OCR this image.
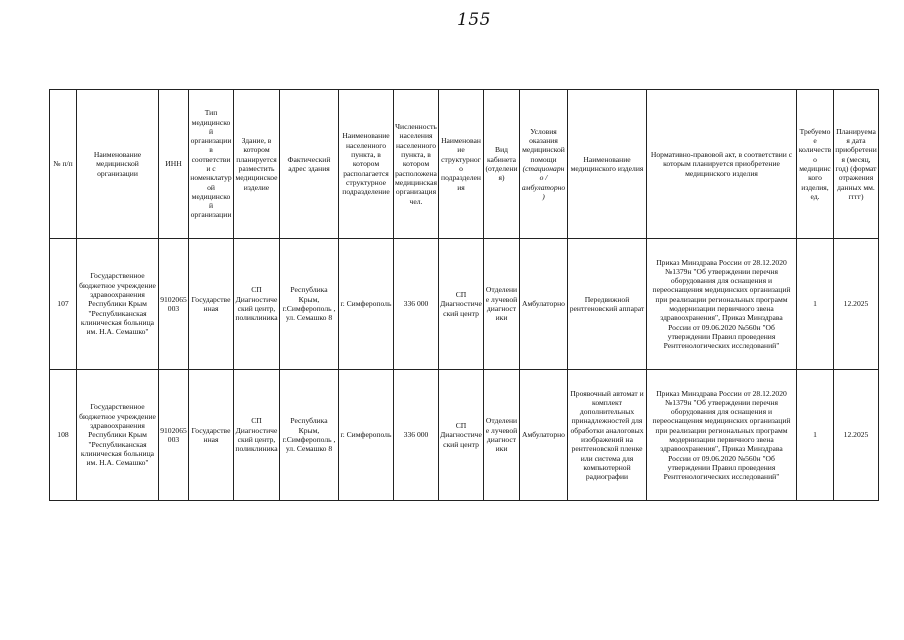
155
№ п/п	Наименование медицинской организации	ИНН	Тип медицинской организации в соответствии с номенклатурой медицинской организации	Здание, в котором планируется разместить медицинское изделие	Фактический адрес здания	Наименование населенного пункта, в котором располагается структурное подразделение	Численность населения населенного пункта, в котором расположена медицинская организация чел.	Наименование структурного подразделения	Вид кабинета (отделения)	Условия оказания медицинской помощи (стационарно / амбулаторно)	Наименование медицинского изделия	Нормативно-правовой акт, в соответствии с которым планируется приобретение медицинского изделия	Требуемое количество медицинского изделия, ед.	Планируемая дата приобретения (месяц, год) (формат отражения данных мм. гггг)
107	Государственное бюджетное учреждение здравоохранения Республики Крым "Республиканская клиническая больница им. Н.А. Семашко"	9102065003	Государственная	СП Диагностический центр, поликлиника	Республика Крым, г.Симферополь , ул. Семашко 8	г. Симферополь	336 000	СП Диагностический центр	Отделение лучевой диагностики	Амбулаторно	Передвижной рентгеновский аппарат	Приказ Минздрава России от 28.12.2020 №1379н "Об утверждении перечня оборудования для оснащения и переоснащения медицинских организаций при реализации региональных программ модернизации первичного звена здравоохранения", Приказ Минздрава России от 09.06.2020 №560н "Об утверждении Правил проведения Рентгенологических исследований"	1	12.2025
108	Государственное бюджетное учреждение здравоохранения Республики Крым "Республиканская клиническая больница им. Н.А. Семашко"	9102065003	Государственная	СП Диагностический центр, поликлиника	Республика Крым, г.Симферополь , ул. Семашко 8	г. Симферополь	336 000	СП Диагностический центр	Отделение лучевой диагностики	Амбулаторно	Проявочный автомат и комплект дополнительных принадлежностей для обработки аналоговых изображений на рентгеновской пленке или система для компьютерной радиографии	Приказ Минздрава России от 28.12.2020 №1379н "Об утверждении перечня оборудования для оснащения и переоснащения медицинских организаций при реализации региональных программ модернизации первичного звена здравоохранения", Приказ Минздрава России от 09.06.2020 №560н "Об утверждении Правил проведения Рентгенологических исследований"	1	12.2025
